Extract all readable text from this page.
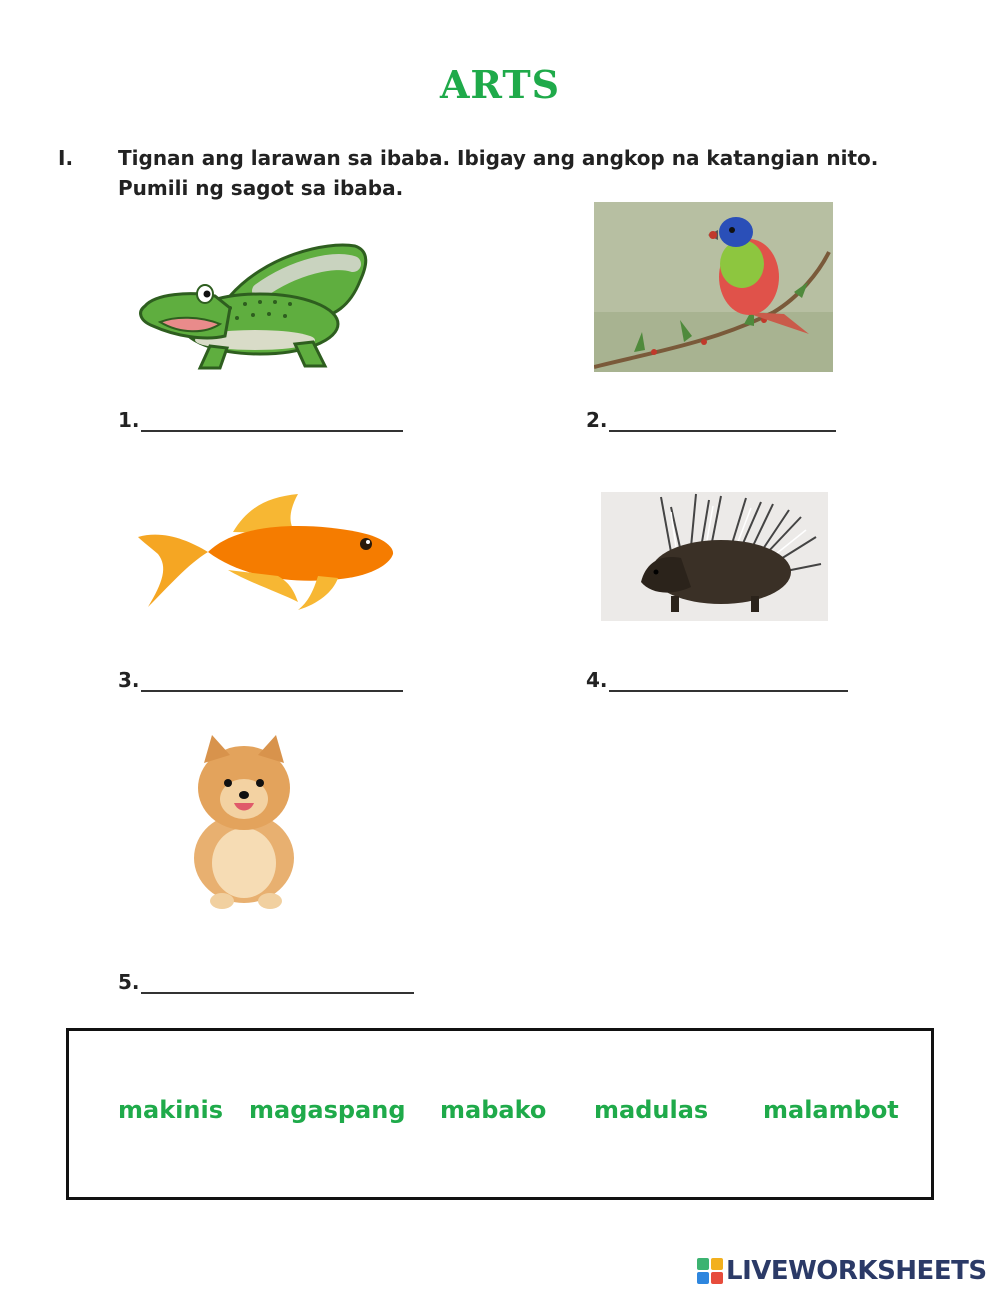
ARTS
I. Tignan ang larawan sa ibaba. Ibigay ang angkop na katangian nito.
Pumili ng sagot sa ibaba.
1.	2.
3.	4.
5.
makinis magaspang mabako madulas malambot
LIVEWORKSHEETS
